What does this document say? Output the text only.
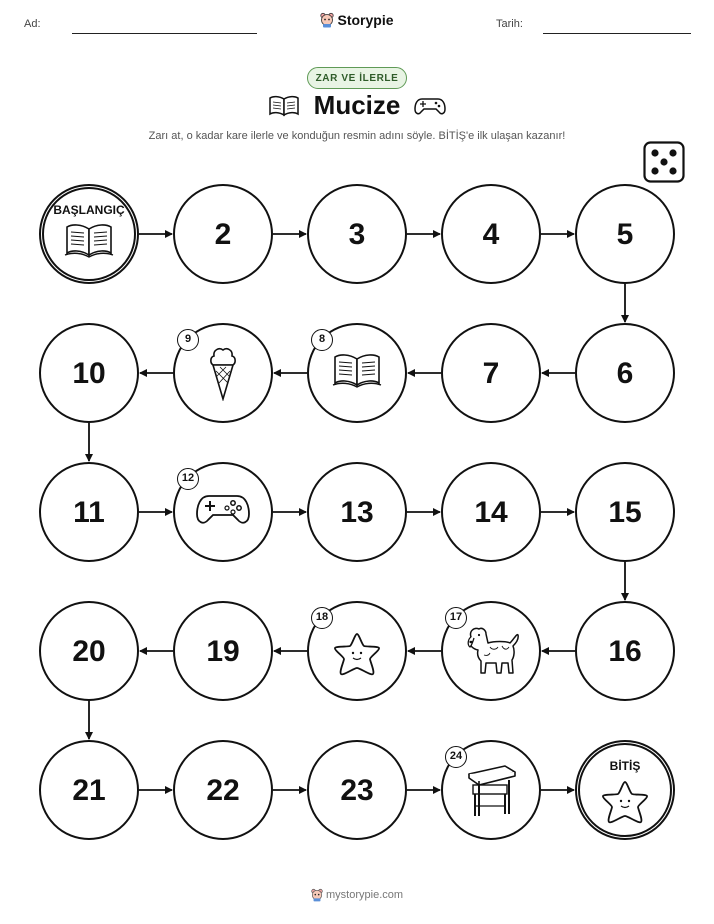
Ad:	Tarih:
Storypie
ZAR VE İLERLE
Mucize
Zarı at, o kadar kare ilerle ve konduğun resmin adını söyle. BİTİŞ'e ilk ulaşan kazanır!
BAŞLANGIÇ
2	3	4	5
10
9	8
7	6
11
12
13	14	15
20	19
18	17
16
21	22	23
24
BİTİŞ
mystorypie.com
